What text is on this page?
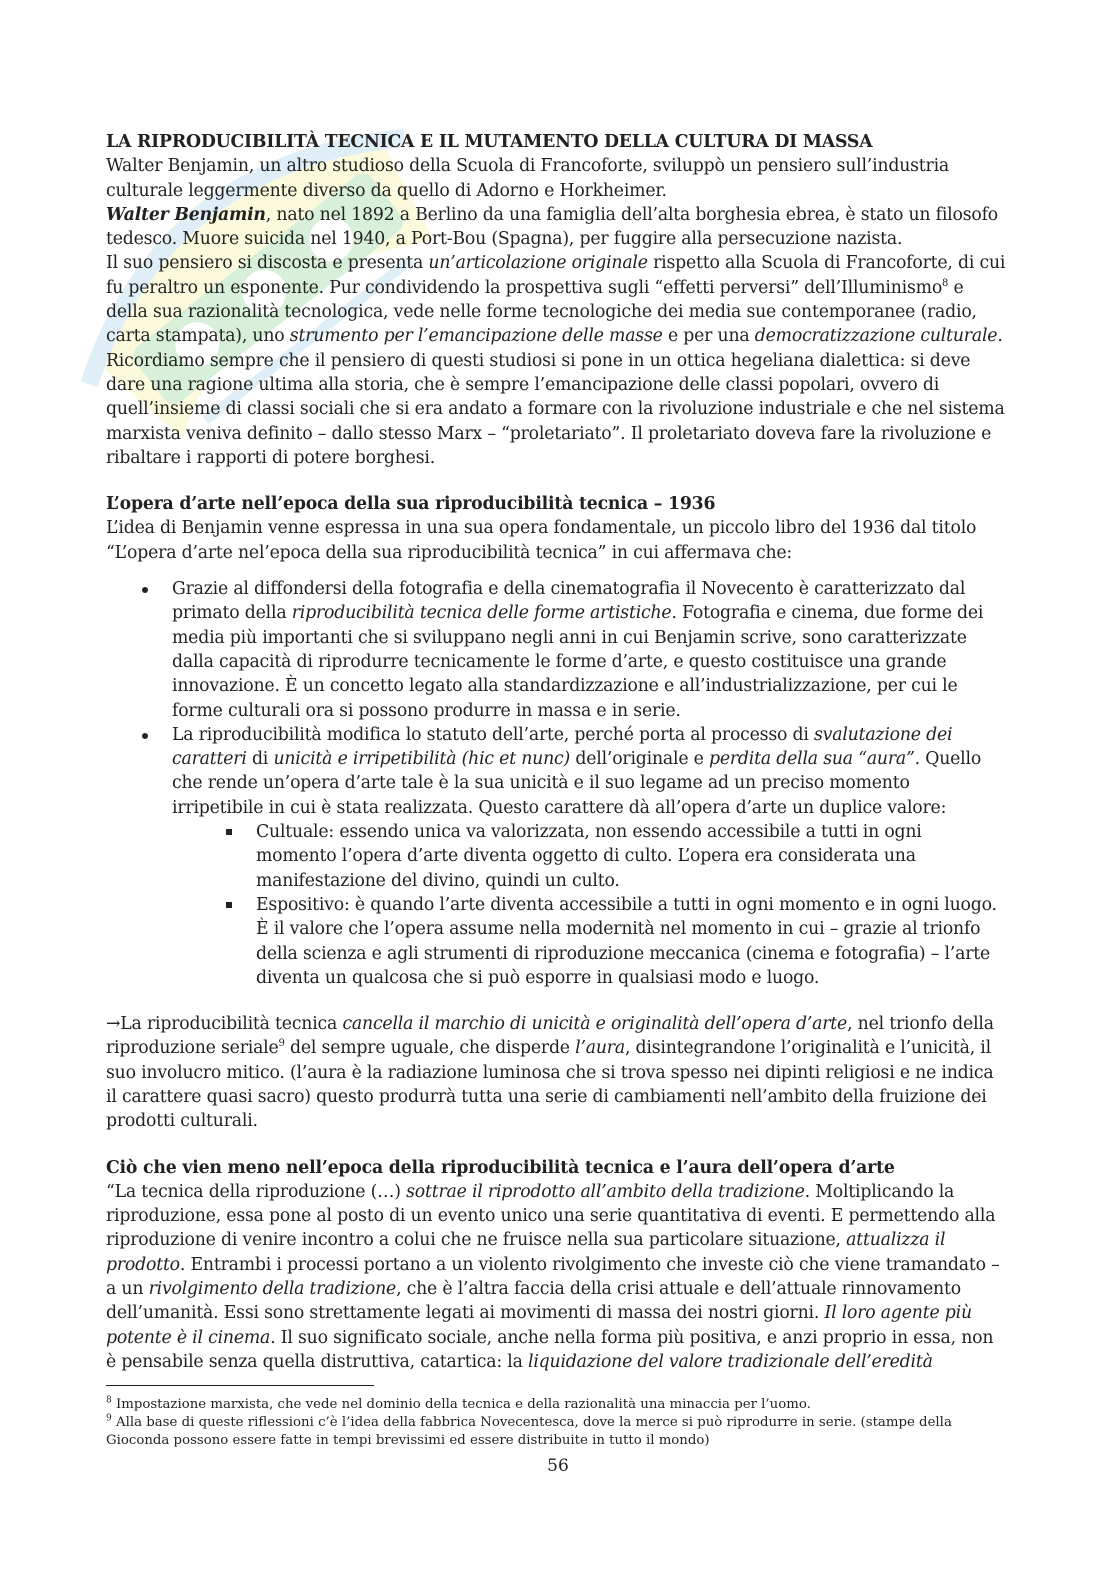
LA RIPRODUCIBILITÀ TECNICA E IL MUTAMENTO DELLA CULTURA DI MASSA

Walter Benjamin, un altro studioso della Scuola di Francoforte, sviluppò un pensiero sull’industria culturale leggermente diverso da quello di Adorno e Horkheimer.

Walter Benjamin, nato nel 1892 a Berlino da una famiglia dell’alta borghesia ebrea, è stato un filosofo tedesco. Muore suicida nel 1940, a Port-Bou (Spagna), per fuggire alla persecuzione nazista.

Il suo pensiero si discosta e presenta un’articolazione originale rispetto alla Scuola di Francoforte, di cui fu peraltro un esponente. Pur condividendo la prospettiva sugli “effetti perversi” dell’Illuminismo$^8$ e della sua razionalità tecnologica, vede nelle forme tecnologiche dei media sue contemporanee (radio, carta stampata), uno strumento per l’emancipazione delle masse e per una democratizzazione culturale. Ricordiamo sempre che il pensiero di questi studiosi si pone in un ottica hegeliana dialettica: si deve dare una ragione ultima alla storia, che è sempre l’emancipazione delle classi popolari, ovvero di quell’insieme di classi sociali che si era andato a formare con la rivoluzione industriale e che nel sistema marxista veniva definito – dallo stesso Marx – “proletariato”. Il proletariato doveva fare la rivoluzione e ribaltare i rapporti di potere borghesi.

L’opera d’arte nell’epoca della sua riproducibilità tecnica – 1936

L’idea di Benjamin venne espressa in una sua opera fondamentale, un piccolo libro del 1936 dal titolo “L’opera d’arte nel’epoca della sua riproducibilità tecnica” in cui affermava che:

Grazie al diffondersi della fotografia e della cinematografia il Novecento è caratterizzato dal primato della riproducibilità tecnica delle forme artistiche. Fotografia e cinema, due forme dei media più importanti che si sviluppano negli anni in cui Benjamin scrive, sono caratterizzate dalla capacità di riprodurre tecnicamente le forme d’arte, e questo costituisce una grande innovazione. È un concetto legato alla standardizzazione e all’industrializzazione, per cui le forme culturali ora si possono produrre in massa e in serie.
La riproducibilità modifica lo statuto dell’arte, perché porta al processo di svalutazione dei caratteri di unicità e irripetibilità (hic et nunc) dell’originale e perdita della sua “aura”. Quello che rende un’opera d’arte tale è la sua unicità e il suo legame ad un preciso momento irripetibile in cui è stata realizzata. Questo carattere dà all’opera d’arte un duplice valore:
Cultuale: essendo unica va valorizzata, non essendo accessibile a tutti in ogni momento l’opera d’arte diventa oggetto di culto. L’opera era considerata una manifestazione del divino, quindi un culto.
Espositivo: è quando l’arte diventa accessibile a tutti in ogni momento e in ogni luogo. È il valore che l’opera assume nella modernità nel momento in cui – grazie al trionfo della scienza e agli strumenti di riproduzione meccanica (cinema e fotografia) – l’arte diventa un qualcosa che si può esporre in qualsiasi modo e luogo.

→La riproducibilità tecnica cancella il marchio di unicità e originalità dell’opera d’arte, nel trionfo della riproduzione seriale$^9$ del sempre uguale, che disperde l’aura, disintegrandone l’originalità e l’unicità, il suo involucro mitico. (l’aura è la radiazione luminosa che si trova spesso nei dipinti religiosi e ne indica il carattere quasi sacro) questo produrrà tutta una serie di cambiamenti nell’ambito della fruizione dei prodotti culturali.

Ciò che vien meno nell’epoca della riproducibilità tecnica e l’aura dell’opera d’arte

“La tecnica della riproduzione (…) sottrae il riprodotto all’ambito della tradizione. Moltiplicando la riproduzione, essa pone al posto di un evento unico una serie quantitativa di eventi. E permettendo alla riproduzione di venire incontro a colui che ne fruisce nella sua particolare situazione, attualizza il prodotto. Entrambi i processi portano a un violento rivolgimento che investe ciò che viene tramandato – a un rivolgimento della tradizione, che è l’altra faccia della crisi attuale e dell’attuale rinnovamento dell’umanità. Essi sono strettamente legati ai movimenti di massa dei nostri giorni. Il loro agente più potente è il cinema. Il suo significato sociale, anche nella forma più positiva, e anzi proprio in essa, non è pensabile senza quella distruttiva, catartica: la liquidazione del valore tradizionale dell’eredità

$^8$ Impostazione marxista, che vede nel dominio della tecnica e della razionalità una minaccia per l’uomo.

$^9$ Alla base di queste riflessioni c’è l’idea della fabbrica Novecentesca, dove la merce si può riprodurre in serie. (stampe della Gioconda possono essere fatte in tempi brevissimi ed essere distribuite in tutto il mondo)

56
